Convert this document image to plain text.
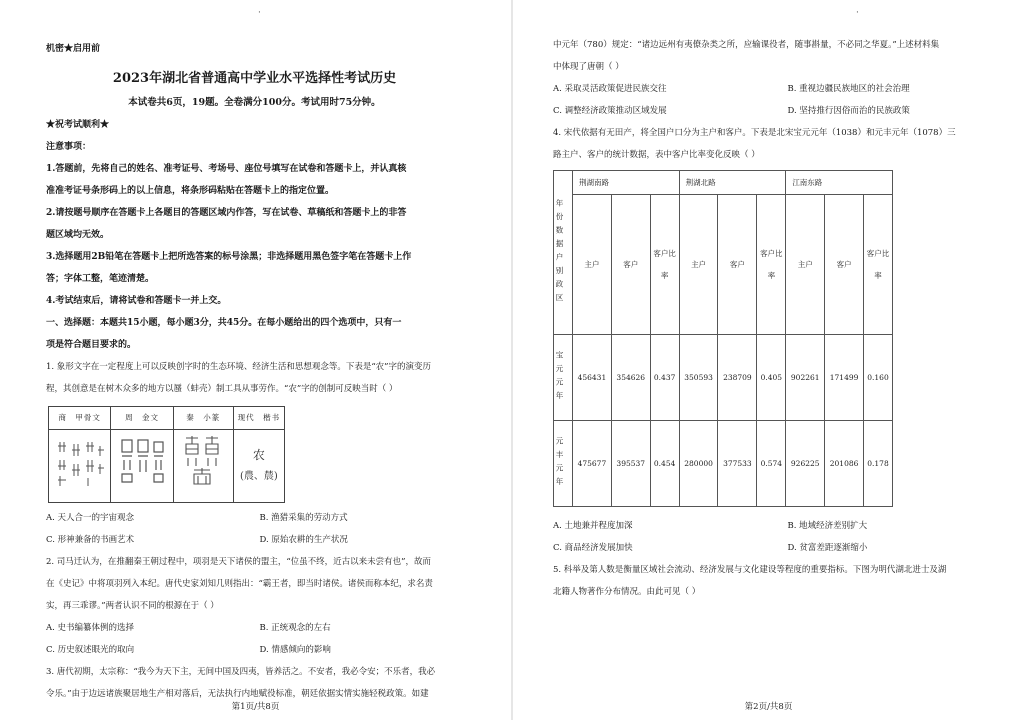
·
机密★启用前
2023年湖北省普通高中学业水平选择性考试历史
本试卷共6页，19题。全卷满分100分。考试用时75分钟。
★祝考试顺利★
注意事项：
1.答题前，先将自己的姓名、准考证号、考场号、座位号填写在试卷和答题卡上，并认真核
准准考证号条形码上的以上信息，将条形码粘贴在答题卡上的指定位置。
2.请按题号顺序在答题卡上各题目的答题区域内作答，写在试卷、草稿纸和答题卡上的非答
题区域均无效。
3.选择题用2B铅笔在答题卡上把所选答案的标号涂黑；非选择题用黑色签字笔在答题卡上作
答；字体工整，笔迹清楚。
4.考试结束后，请将试卷和答题卡一并上交。
一、选择题：本题共15小题，每小题3分，共45分。在每小题给出的四个选项中，只有一
项是符合题目要求的。
1. 象形文字在一定程度上可以反映创字时的生态环境、经济生活和思想观念等。下表是“农”字的演变历
程，其创意是在树木众多的地方以蜃（蚌壳）制工具从事劳作。“农”字的创制可反映当时（ ）
商　甲骨文	周　金文	秦　小篆	现代　楷书

农
(農、辳)
A. 天人合一的宇宙观念	B. 渔猎采集的劳动方式
C. 形神兼备的书画艺术	D. 原始农耕的生产状况
2. 司马迁认为，在推翻秦王朝过程中，项羽是天下诸侯的盟主，“位虽不终，近古以来未尝有也”，故而
在《史记》中将项羽列入本纪。唐代史家刘知几则指出：“霸王者，即当时诸侯。诸侯而称本纪，求名责
实，再三乖谬。”两者认识不同的根源在于（ ）
A. 史书编纂体例的选择	B. 正统观念的左右
C. 历史叙述眼光的取向	D. 情感倾向的影响
3. 唐代初期，太宗称：“我今为天下主，无间中国及四夷，皆养活之。不安者，我必令安；不乐者，我必
令乐。”由于边远诸族聚居地生产相对落后，无法执行内地赋役标准，朝廷依据实情实施轻税政策。如建
第1页/共8页
·
中元年（780）规定：“诸边远州有夷僚杂类之所，应输课役者，随事斟量，不必同之华夏。”上述材料集
中体现了唐朝（ ）
A. 采取灵活政策促进民族交往	B. 重视边疆民族地区的社会治理
C. 调整经济政策推动区域发展	D. 坚持推行因俗而治的民族政策
4. 宋代依据有无田产，将全国户口分为主户和客户。下表是北宋宝元元年（1038）和元丰元年（1078）三
路主户、客户的统计数据，表中客户比率变化反映（ ）
年份数据户别政区	荆湖南路			荆湖北路			江南东路		
	主户	客户	客户比率	主户	客户	客户比率	主户	客户	客户比率

宝元元年	456431	354626	0.437	350593	238709	0.405	902261	171499	0.160

元丰元年	475677	395537	0.454	280000	377533	0.574	926225	201086	0.178
A. 土地兼并程度加深	B. 地域经济差别扩大
C. 商品经济发展加快	D. 贫富差距逐渐缩小
5. 科举及第人数是衡量区域社会流动、经济发展与文化建设等程度的重要指标。下图为明代湖北进士及湖
北籍人物著作分布情况。由此可见（ ）
第2页/共8页
